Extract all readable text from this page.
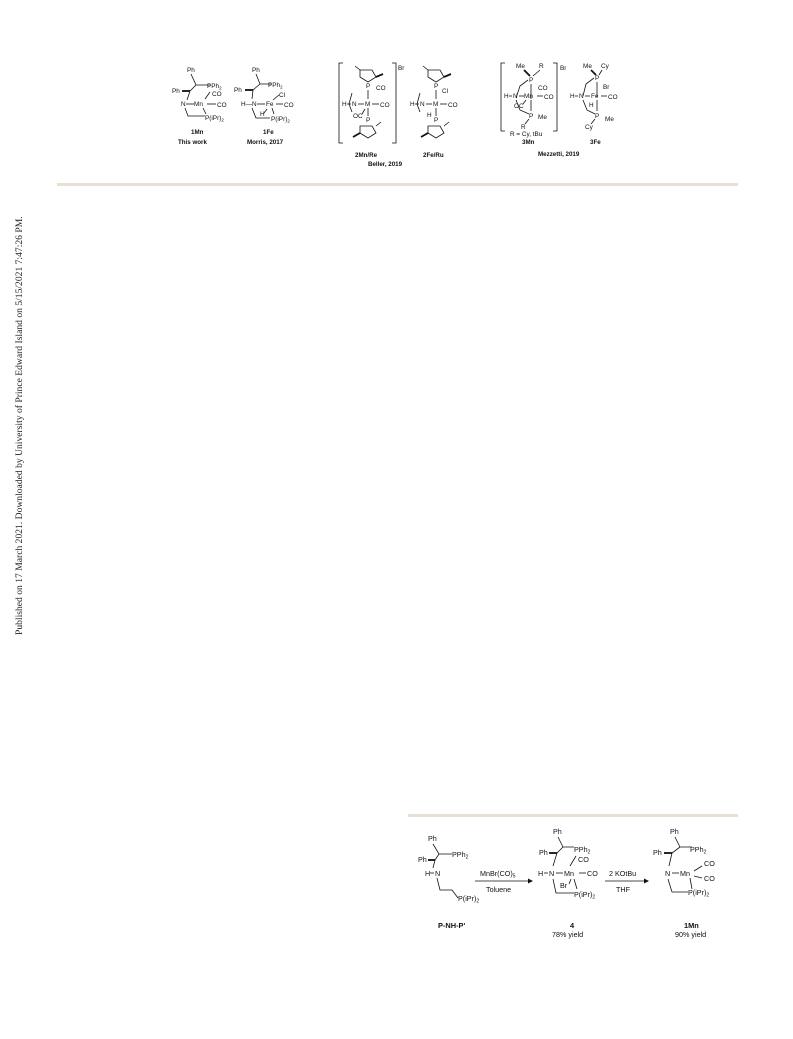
Published on 17 March 2021. Downloaded by University of Prince Edward Island on 5/15/2021 7:47:26 PM.
Ph
PPh$_2$
Ph
N Mn
CO
CO
$P(iPr)_2$
1Mn
This work
Ph
PPh$_2$
Ph
Cl
H—N Fe CO
H
$P(iPr)_2$
1Fe
Morris, 2017
Br
P CO
H N M CO
OC
P
2Mn/Re
P
Cl
H N M CO
H
P
2Fe/Ru
Beller, 2019
Br
Me R
P
CO
H N Mn CO
OC
P Me
R
R = Cy, tBu
3Mn
Me Cy
P
Br
H N Fe CO
H
P Me
Cy
3Fe
Mezzetti, 2019
Ph
PPh$_2$
Ph
H N
$P(iPr)_2$
P-NH-P'
$MnBr(CO)_5$
Toluene
Ph
PPh$_2$
Ph
CO
H N Mn CO
Br
$P(iPr)_2$
4
78% yield
2 KOtBu
THF
Ph
PPh$_2$
Ph
N Mn
CO
CO
$P(iPr)_2$
1Mn
90% yield
